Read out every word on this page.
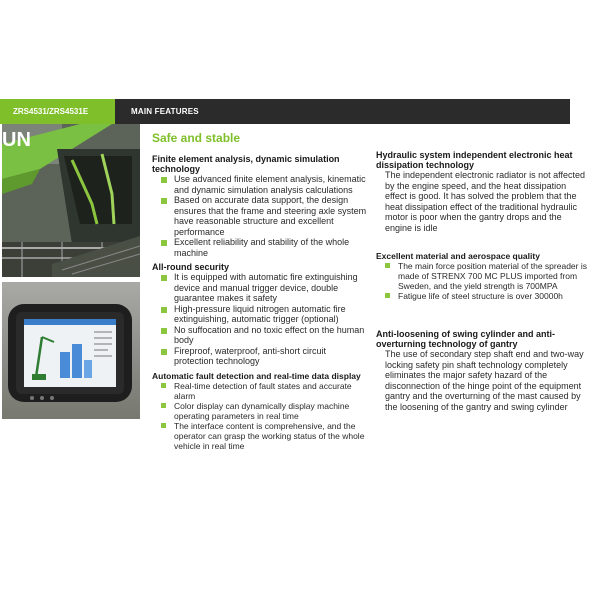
ZRS4531/ZRS4531E	MAIN FEATURES
UN	Safe and stable
Finite element analysis, dynamic simulation technology
Use advanced finite element analysis, kinematic and dynamic simulation analysis calculations
Based on accurate data support, the design ensures that the frame and steering axle system have reasonable structure and excellent performance
Excellent reliability and stability of the whole machine
All-round security
It is equipped with automatic fire extinguishing device and manual trigger device, double guarantee makes it safety
High-pressure liquid nitrogen automatic fire extinguishing, automatic trigger (optional)
No suffocation and no toxic effect on the human body
Fireproof, waterproof, anti-short circuit protection technology
Automatic fault detection and real-time data display
Real-time detection of fault states and accurate alarm
Color display can dynamically display machine operating parameters in real time
The interface content is comprehensive, and the operator can grasp the working status of the whole vehicle in real time
Hydraulic system independent electronic heat dissipation technology
The independent electronic radiator is not affected by the engine speed, and the heat dissipation effect is good. It has solved the problem that the heat dissipation effect of the traditional hydraulic motor is poor when the gantry drops and the engine is idle
Excellent material and aerospace quality
The main force position material of the spreader is made of STRENX 700 MC PLUS imported from Sweden, and the yield strength is 700MPA
Fatigue life of steel structure is over 30000h
Anti-loosening of swing cylinder and anti-overturning technology of gantry
The use of secondary step shaft end and two-way locking safety pin shaft technology completely eliminates the major safety hazard of the disconnection of the hinge point of the equipment gantry and the overturning of the mast caused by the loosening of the gantry and swing cylinder
